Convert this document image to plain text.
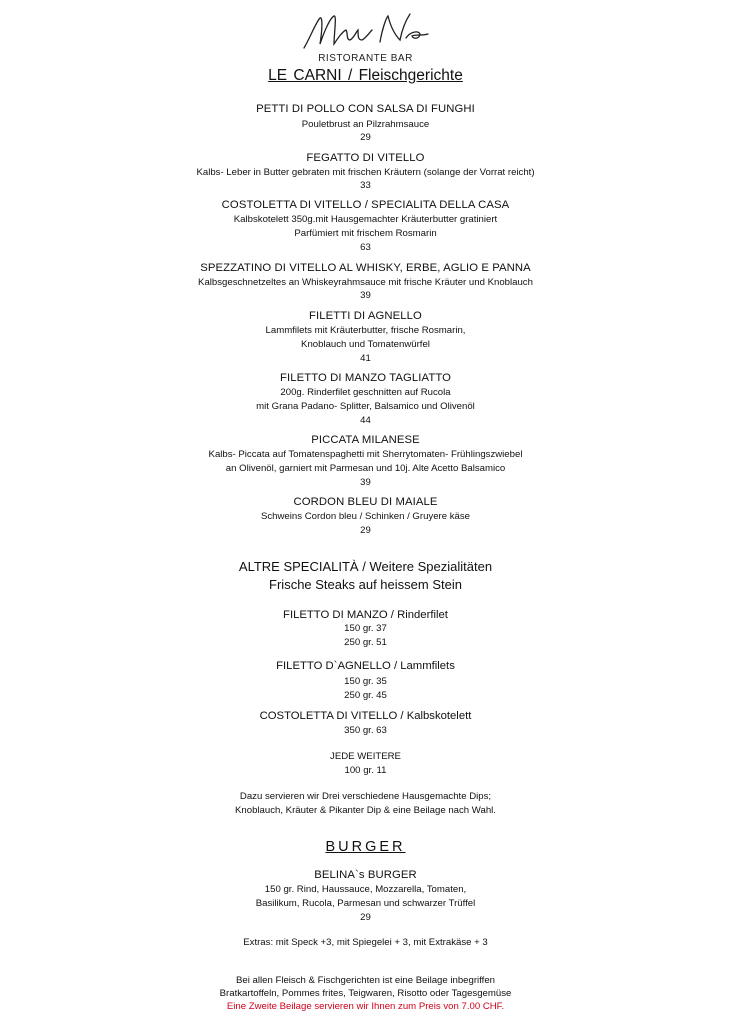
RISTORANTE BAR
LE CARNI / Fleischgerichte
PETTI DI POLLO CON SALSA DI FUNGHI
Pouletbrust an Pilzrahmsauce
29
FEGATTO DI VITELLO
Kalbs- Leber in Butter gebraten mit frischen Kräutern (solange der Vorrat reicht)
33
COSTOLETTA DI VITELLO / SPECIALITA DELLA CASA
Kalbskotelett 350g.mit Hausgemachter Kräuterbutter gratiniert
Parfümiert mit frischem Rosmarin
63
SPEZZATINO DI VITELLO AL WHISKY, ERBE, AGLIO E PANNA
Kalbsgeschnetzeltes an Whiskeyrahmsauce mit frische Kräuter und Knoblauch
39
FILETTI DI AGNELLO
Lammfilets mit Kräuterbutter, frische Rosmarin,
Knoblauch und Tomatenwürfel
41
FILETTO DI MANZO TAGLIATTO
200g. Rinderfilet geschnitten auf Rucola
mit Grana Padano- Splitter, Balsamico und Olivenöl
44
PICCATA MILANESE
Kalbs- Piccata auf Tomatenspaghetti mit Sherrytomaten- Frühlingszwiebel
an Olivenöl, garniert mit Parmesan und 10j. Alte Acetto Balsamico
39
CORDON BLEU DI MAIALE
Schweins Cordon bleu / Schinken / Gruyere käse
29
ALTRE SPECIALITÀ / Weitere Spezialitäten
Frische Steaks auf heissem Stein
FILETTO DI MANZO / Rinderfilet
150 gr. 37
250 gr. 51
FILETTO D`AGNELLO / Lammfilets
150 gr. 35
250 gr. 45
COSTOLETTA DI VITELLO / Kalbskotelett
350 gr. 63
JEDE WEITERE
100 gr. 11
Dazu servieren wir Drei verschiedene Hausgemachte Dips;
Knoblauch, Kräuter & Pikanter Dip & eine Beilage nach Wahl.
BURGER
BELINA`s BURGER
150 gr. Rind, Haussauce, Mozzarella, Tomaten,
Basilikum, Rucola, Parmesan und schwarzer Trüffel
29
Extras: mit Speck +3, mit Spiegelei + 3, mit Extrakäse + 3
Bei allen Fleisch & Fischgerichten ist eine Beilage inbegriffen
Bratkartoffeln, Pommes frites, Teigwaren, Risotto oder Tagesgemüse
Eine Zweite Beilage servieren wir Ihnen zum Preis von 7.00 CHF.
